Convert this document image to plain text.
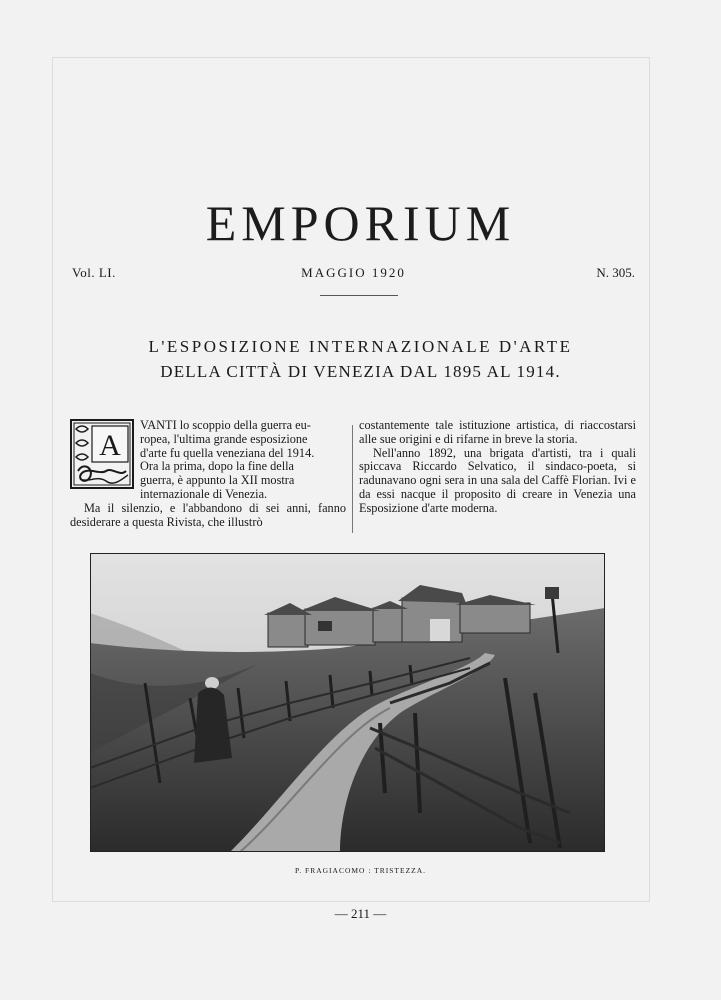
EMPORIUM
Vol. LI.	MAGGIO 1920	N. 305.
L'ESPOSIZIONE INTERNAZIONALE D'ARTE
DELLA CITTÀ DI VENEZIA DAL 1895 AL 1914.
A
VANTI lo scoppio della guerra eu-
ropea, l'ultima grande esposizione
d'arte fu quella veneziana del 1914.
Ora la prima, dopo la fine della
guerra, è appunto la XII mostra
internazionale di Venezia.

Ma il silenzio, e l'abbandono di sei anni, fanno desiderare a questa Rivista, che illustrò

costantemente tale istituzione artistica, di riaccostarsi alle sue origini e di rifarne in breve la storia.

Nell'anno 1892, una brigata d'artisti, tra i quali spiccava Riccardo Selvatico, il sindaco-poeta, si radunavano ogni sera in una sala del Caffè Florian. Ivi e da essi nacque il proposito di creare in Venezia una Esposizione d'arte moderna.

P. FRAGIACOMO : TRISTEZZA.
— 211 —
